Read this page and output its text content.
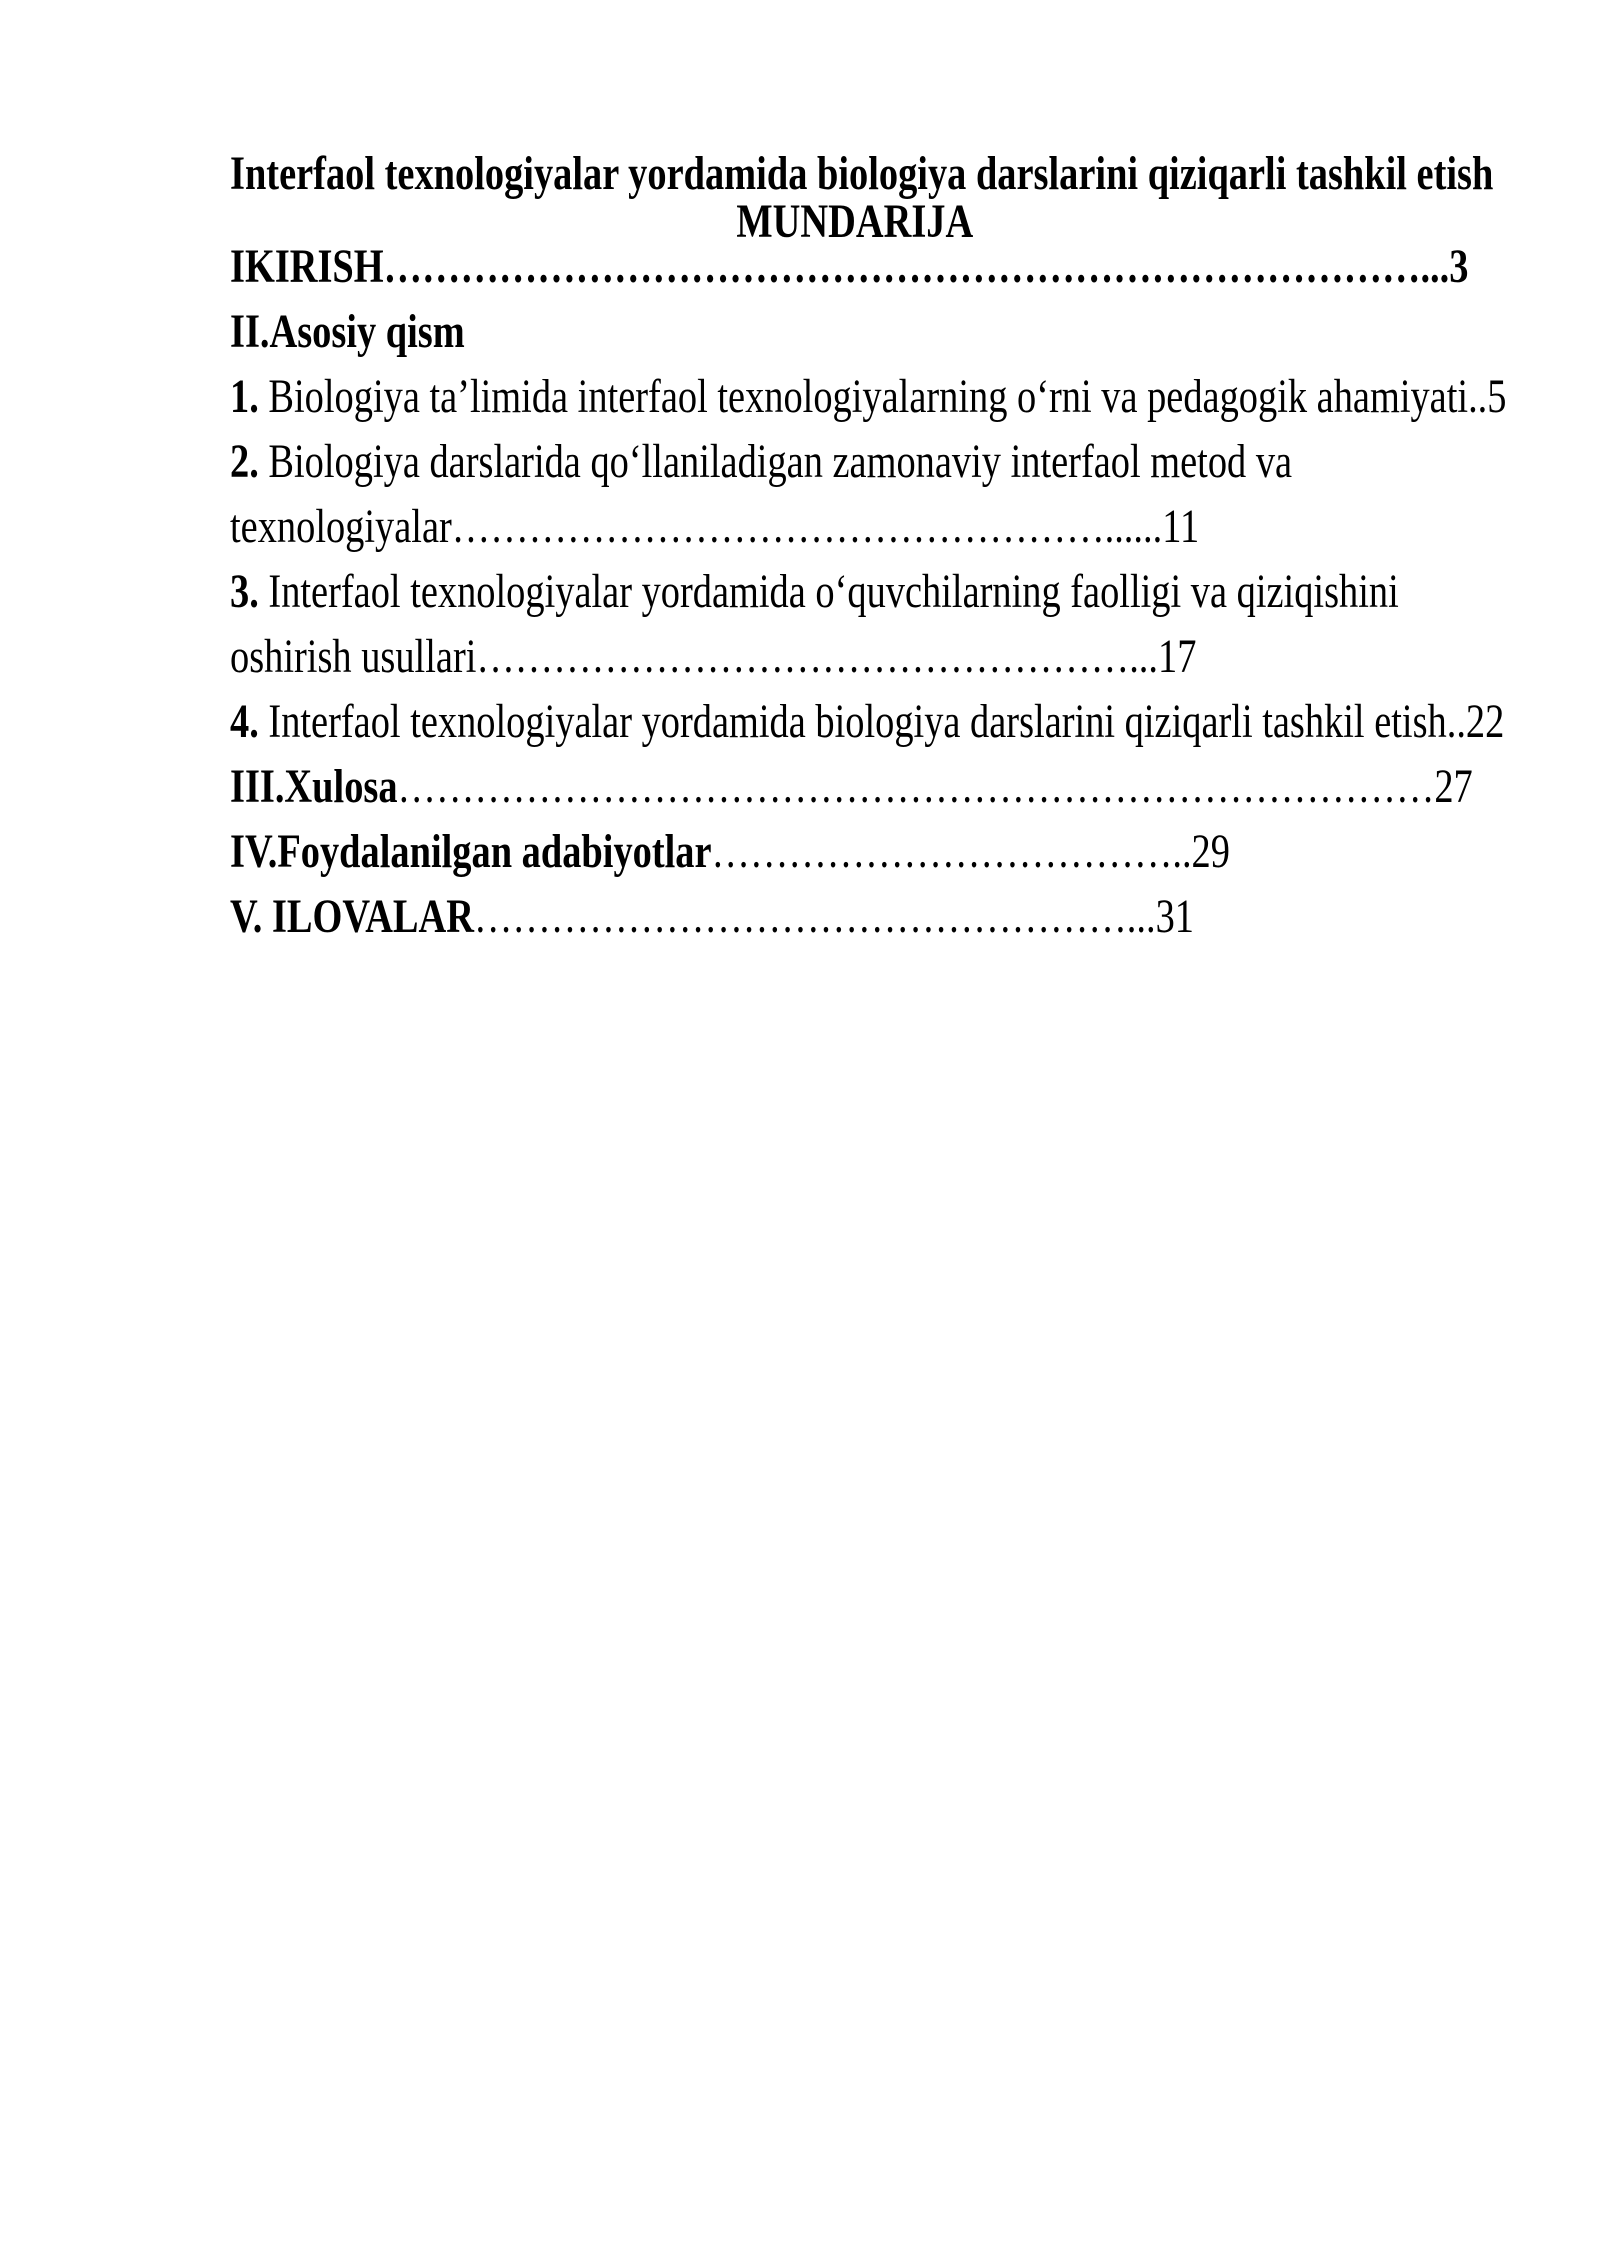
Interfaol texnologiyalar yordamida biologiya darslarini qiziqarli tashkil etish

MUNDARIJA

IKIRISH………………………………………………………………………...3

II.Asosiy qism

1. Biologiya ta’limida interfaol texnologiyalarning o‘rni va pedagogik ahamiyati..5

2. Biologiya darslarida qo‘llaniladigan zamonaviy interfaol metod va

texnologiyalar……………………………………………......11

3. Interfaol texnologiyalar yordamida o‘quvchilarning faolligi va qiziqishini

oshirish usullari……………………………………………...17

4. Interfaol texnologiyalar yordamida biologiya darslarini qiziqarli tashkil etish..22

III.Xulosa………………………………………………………………………27

IV.Foydalanilgan adabiyotlar………………………………..29

V. ILOVALAR……………………………………………...31
